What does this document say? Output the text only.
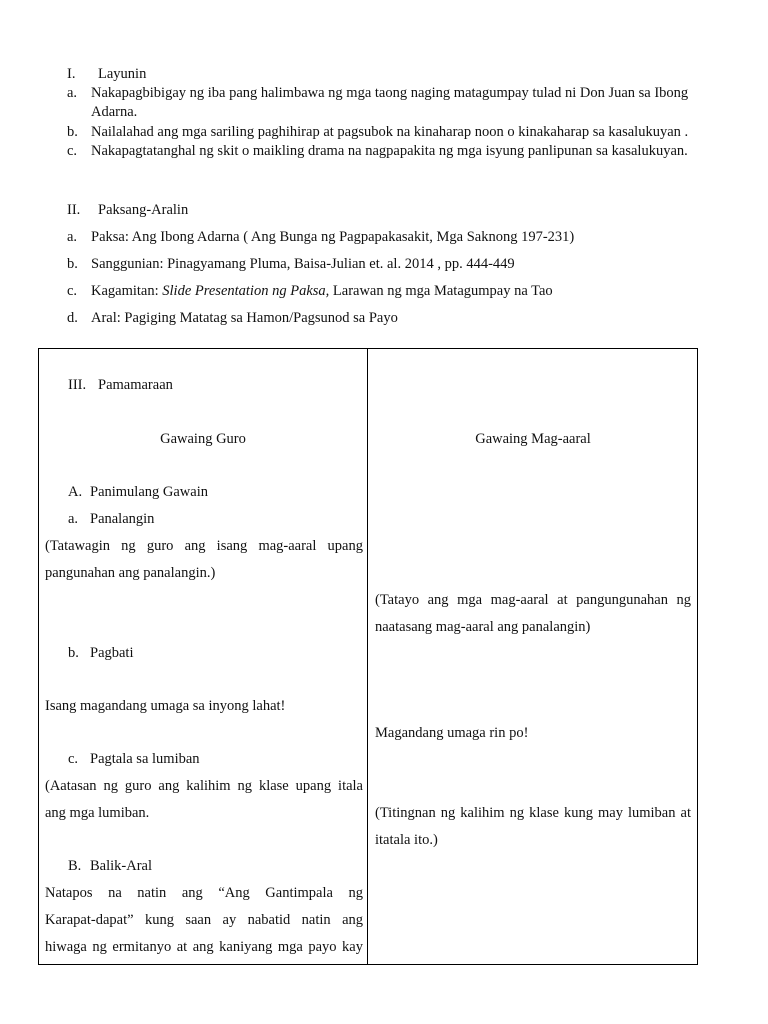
I. Layunin
a. Nakapagbibigay ng iba pang halimbawa ng mga taong naging matagumpay tulad ni Don Juan sa Ibong
Adarna.
b. Nailalahad ang mga sariling paghihirap at pagsubok na kinaharap noon o kinakaharap sa kasalukuyan .
c. Nakapagtatanghal ng skit o maikling drama na nagpapakita ng mga isyung panlipunan sa kasalukuyan.
II. Paksang-Aralin
a. Paksa: Ang Ibong Adarna ( Ang Bunga ng Pagpapakasakit, Mga Saknong 197-231)
b. Sanggunian: Pinagyamang Pluma, Baisa-Julian et. al. 2014 , pp. 444-449
c. Kagamitan: Slide Presentation ng Paksa, Larawan ng mga Matagumpay na Tao
d. Aral: Pagiging Matatag sa Hamon/Pagsunod sa Payo
III. Pamamaraan
Gawaing Guro
A. Panimulang Gawain
a. Panalangin
(Tatawagin ng guro ang isang mag-aaral upang
pangunahan ang panalangin.)
b. Pagbati
Isang magandang umaga sa inyong lahat!
c. Pagtala sa lumiban
(Aatasan ng guro ang kalihim ng klase upang itala
ang mga lumiban.
B. Balik-Aral
Natapos na natin ang “Ang Gantimpala ng
Karapat-dapat” kung saan ay nabatid natin ang
hiwaga ng ermitanyo at ang kaniyang mga payo kay
Gawaing Mag-aaral
(Tatayo ang mga mag-aaral at pangungunahan ng
naatasang mag-aaral ang panalangin)
Magandang umaga rin po!
(Titingnan ng kalihim ng klase kung may lumiban at
itatala ito.)
